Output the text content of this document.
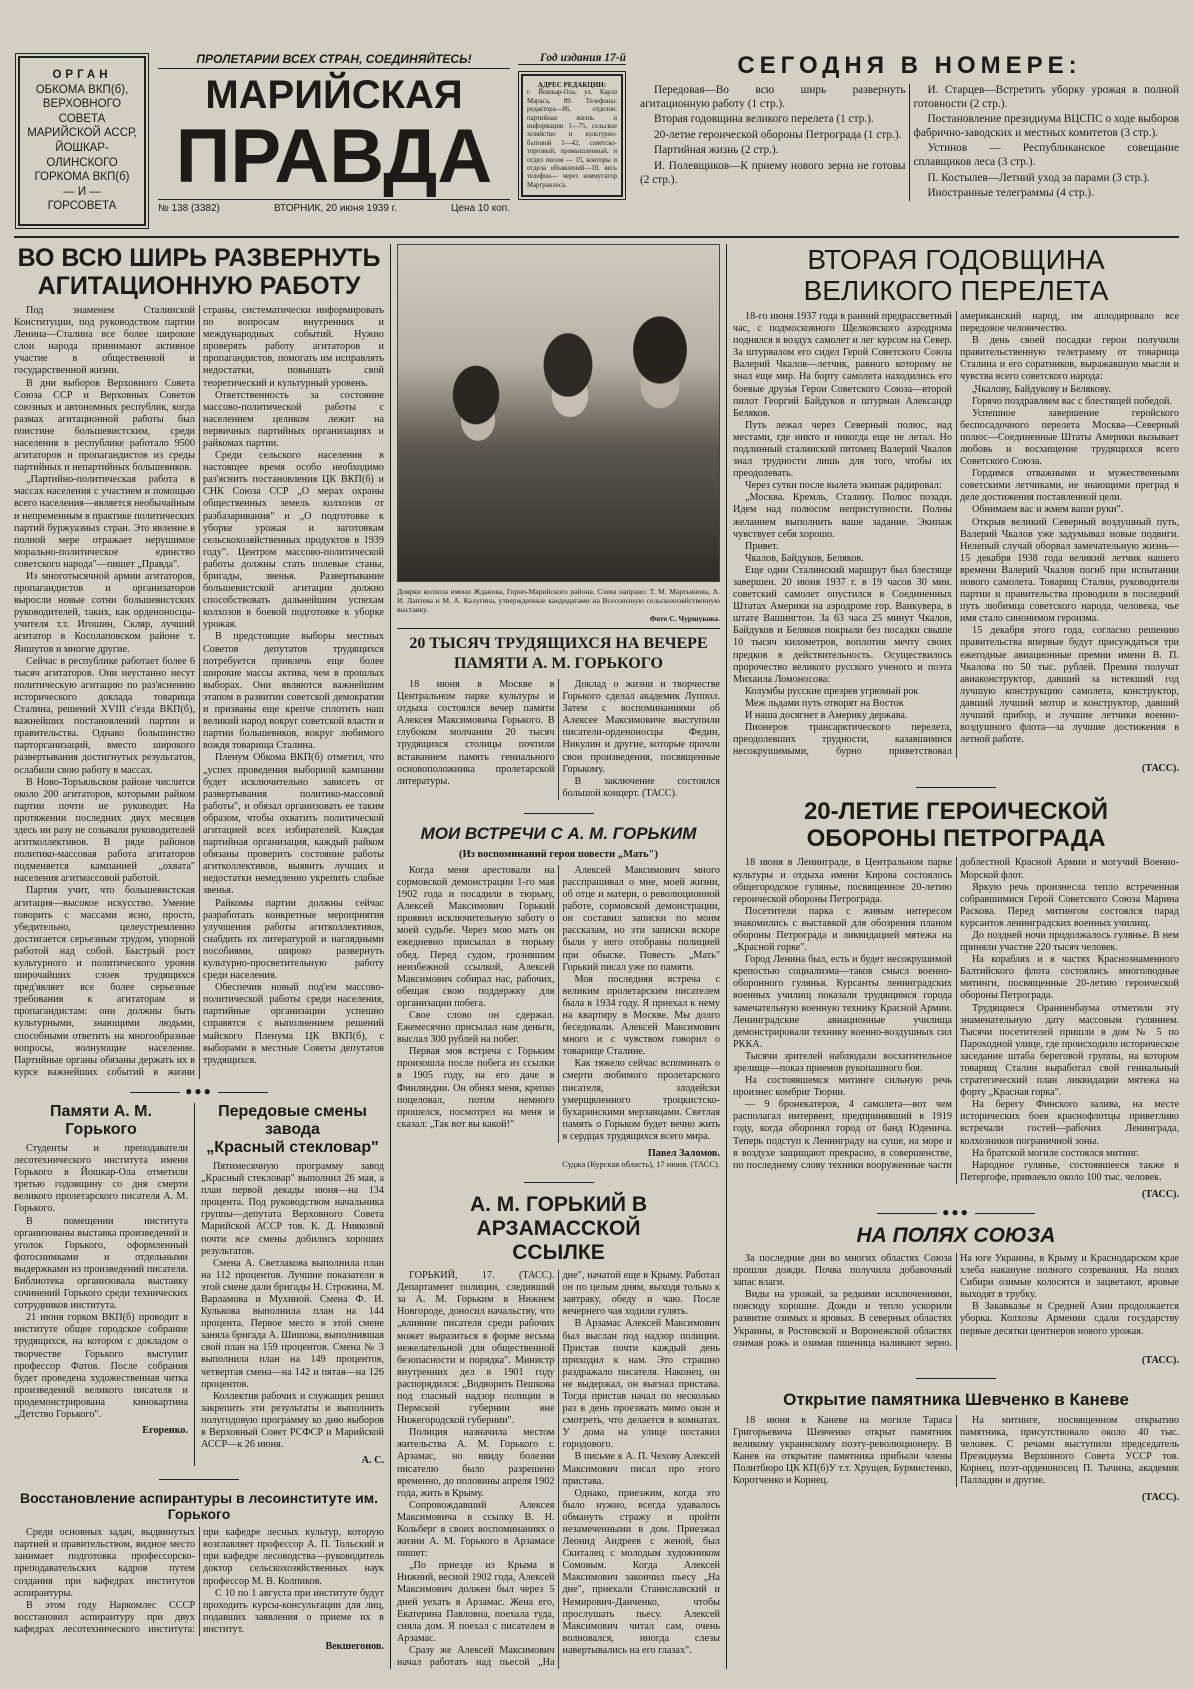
ОРГАН
ОБКОМА ВКП(б),
ВЕРХОВНОГО
СОВЕТА
МАРИЙСКОЙ АССР,
ЙОШКАР-ОЛИНСКОГО
ГОРКОМА ВКП(б)
— И —
ГОРСОВЕТА
ПРОЛЕТАРИИ ВСЕХ СТРАН, СОЕДИНЯЙТЕСЬ!
МАРИЙСКАЯ
ПРАВДА
№ 138 (3382)	ВТОРНИК, 20 июня 1939 г.	Цена 10 коп.
Год издания 17-й
АДРЕС РЕДАКЦИИ:
г. Йошкар-Ола, ул. Карла Маркса, 89. Телефоны: редактора—86, отделов: партийная жизнь и информации 1—75, сельское хозяйство и культурно-бытовой 1—42, советско-торговый, промышленный, и отдел писем — 15, конторы и отдела объявлений—10, весь телефон— через коммутатор Маргранлеса.
СЕГОДНЯ В НОМЕРЕ:

Передовая—Во всю ширь развернуть агитационную работу (1 стр.).

Вторая годовщина великого перелета (1 стр.).

20-летие героической обороны Петрограда (1 стр.).

Партийная жизнь (2 стр.).

И. Полевщиков—К приему нового зерна не готовы (2 стр.).

И. Старцев—Встретить уборку урожая в полной готовности (2 стр.).

Постановление президиума ВЦСПС о ходе выборов фабрично-заводских и местных комитетов (3 стр.).

Устинов — Республиканское совещание сплавщиков леса (3 стр.).

П. Костылев—Летний уход за парами (3 стр.).

Иностранные телеграммы (4 стр.).

ВО ВСЮ ШИРЬ РАЗВЕРНУТЬ
АГИТАЦИОННУЮ РАБОТУ

Под знаменем Сталинской Конституции, под руководством партии Ленина—Сталина все более широкие слои народа принимают активное участие в общественной и государственной жизни.

В дни выборов Верховного Совета Союза ССР и Верховных Советов союзных и автономных республик, когда размах агитационной работы был поистине большевистским, среди населения в республике работало 9500 агитаторов и пропагандистов из среды партийных и непартийных большевиков.

„Партийно-политическая работа в массах населения с участием и помощью всего населения—является необычайным и непременным в практике политических партий буржуазных стран. Это явление в полной мере отражает нерушимое морально-политическое единство советского народа"—пишет „Правда".

Из многотысячной армии агитаторов, пропагандистов и организаторов выросли новые сотни большевистских руководителей, таких, как орденоносцы-учителя т.т. Игошин, Скляр, лучший агитатор в Косолаповском районе т. Яншутов и многие другие.

Сейчас в республике работает более 6 тысяч агитаторов. Они неустанно несут политическую агитацию по раз'яснению исторического доклада товарища Сталина, решений XVIII с'езда ВКП(б), важнейших постановлений партии и правительства. Однако большинство парторганизаций, вместо широкого развертывания достигнутых результатов, ослабили свою работу в массах.

В Ново-Торъяльском районе числится около 200 агитаторов, которыми райком партии почти не руководит. На протяжении последних двух месяцев здесь ни разу не созывали руководителей агитколлективов. В ряде районов политико-массовая работа агитаторов подменяется кампанией „охвата" населения агитмассовой работой.

Партия учит, что большевистская агитация—высокое искусство. Умение говорить с массами ясно, просто, убедительно, целеустремленно достигается серьезным трудом, упорной работой над собой. Быстрый рост культурного и политического уровня широчайших слоев трудящихся пред'являет все более серьезные требования к агитаторам и пропагандистам: они должны быть культурными, знающими людьми, способными ответить на многообразные вопросы, волнующие население. Партийные органы обязаны держать их в курсе важнейших событий в жизни страны, систематически информировать по вопросам внутренних и международных событий. Нужно проверять работу агитаторов и пропагандистов, помогать им исправлять недостатки, повышать свой теоретический и культурный уровень.

Ответственность за состояние массово-политической работы с населением целиком лежит на первичных партийных организациях и райкомах партии.

Среди сельского населения в настоящее время особо необходимо раз'яснить постановления ЦК ВКП(б) и СНК Союза ССР „О мерах охраны общественных земель колхозов от разбазаривания" и „О подготовке к уборке урожая и заготовкам сельскохозяйственных продуктов в 1939 году". Центром массово-политической работы должны стать полевые станы, бригады, звенья. Развертывание большевистской агитации должно способствовать дальнейшим успехам колхозов в боевой подготовке к уборке урожая.

В предстоящие выборы местных Советов депутатов трудящихся потребуется привлечь еще более широкие массы актива, чем в прошлых выборах. Они являются важнейшим этапом в развитии советской демократии и призваны еще крепче сплотить наш великий народ вокруг советской власти и партии большевиков, вокруг любимого вождя товарища Сталина.

Пленум Обкома ВКП(б) отметил, что „успех проведения выборной кампании будет исключительно зависеть от развертывания политико-массовой работы", и обязал организовать ее таким образом, чтобы охватить политической агитацией всех избирателей. Каждая партийная организация, каждый райком обязаны проверить состояние работы агитколлективов, выявить лучших и недостатки немедленно укрепить слабые звенья.

Райкомы партии должны сейчас разработать конкретные мероприятия улучшения работы агитколлективов, снабдить их литературой и наглядными пособиями, широко развернуть культурно-просветительную работу среди населения.

Обеспечив новый под'ем массово-политической работы среди населения, партийные организации успешно справятся с выполнением решений майского Пленума ЦК ВКП(б), с выборами в местные Советы депутатов трудящихся.

●●●
Памяти А. М. Горького

Студенты и преподаватели лесотехнического института имени Горького в Йошкар-Ола отметили третью годовщину со дня смерти великого пролетарского писателя А. М. Горького.

В помещении института организованы выставка произведений и уголок Горького, оформленный фотоснимками и отдельными выдержками из произведений писателя. Библиотека организовала выставку сочинений Горького среди технических сотрудников института.

21 июня горком ВКП(б) проводит в институте общее городское собрание трудящихся, на котором с докладом о творчестве Горького выступит профессор Фатов. После собрания будет проведена художественная читка произведений великого писателя и продемонстрирована кинокартина „Детство Горького".

Егоренко.
Передовые смены завода
„Красный стекловар"

Пятимесячную программу завод „Красный стекловар" выполнил 26 мая, а план первой декады июня—на 134 процента. Под руководством начальника группы—депутата Верховного Совета Марийской АССР тов. К. Д. Нияковой почти все смены добились хороших результатов.

Смена А. Светлакова выполнила план на 112 процентов. Лучшие показатели в этой смене дали бригады Н. Строкина, М. Варламова и Мухиной. Смена Ф. И. Кулькова выполнила план на 144 процента. Первое место в этой смене заняла бригада А. Шишова, выполнившая свой план на 159 процентов. Смена № 3 выполнила план на 149 процентов, четвертая смена—на 142 и пятая—на 126 процентов.

Коллектив рабочих и служащих решил закрепить эти результаты и выполнить полугодовую программу ко дню выборов в Верховный Совет РСФСР и Марийской АССР—к 26 июня.

А. С.
Восстановление аспирантуры в лесоинституте им. Горького

Среди основных задач, выдвинутых партией и правительством, видное место занимает подготовка профессорско-преподавательских кадров путем создания при кафедрах институтов аспирантуры.

В этом году Наркомлес СССР восстановил аспирантуру при двух кафедрах лесотехнического института: при кафедре лесных культур, которую возглавляет профессор А. П. Тольский и при кафедре лесоводства—руководитель доктор сельскохозяйственных наук профессор М. В. Колпиков.

С 10 по 1 августа при институте будут проходить курсы-консультации для лиц, подавших заявления о приеме их в институт.

Векшегонов.
Доярки колхоза имени Жданова, Горно-Марийского района. Слева направо: Т. М. Мартьянова, А. И. Лаптева и М. А. Калугина, утвержденные кандидатами на Всесоюзную сельскохозяйственную выставку.
Фото С. Чуршукова.
20 ТЫСЯЧ ТРУДЯЩИХСЯ НА ВЕЧЕРЕ
ПАМЯТИ А. М. ГОРЬКОГО

18 июня в Москве в Центральном парке культуры и отдыха состоялся вечер памяти Алексея Максимовича Горького. В глубоком молчании 20 тысяч трудящихся столицы почтили вставанием память гениального основоположника пролетарской литературы.

Доклад о жизни и творчестве Горького сделал академик Луппол. Затем с воспоминаниями об Алексее Максимовиче выступили писатели-орденоносцы Федин, Никулин и другие, которые прочли свои произведения, посвященные Горькому.

В заключение состоялся большой концерт. (ТАСС).

МОИ ВСТРЕЧИ С А. М. ГОРЬКИМ
(Из воспоминаний героя повести „Мать")

Когда меня арестовали на сормовской демонстрации 1-го мая 1902 года и посадили в тюрьму, Алексей Максимович Горький проявил исключительную заботу о моей судьбе. Через мою мать он ежедневно присылал в тюрьму обед. Перед судом, грозившим неизбежной ссылкой, Алексей Максимович собирал нас, рабочих, обещая свою поддержку для организации побега.

Свое слово он сдержал. Ежемесячно присылал нам деньги, выслал 300 рублей на побег.

Первая моя встреча с Горьким произошла после побега из ссылки в 1905 году, на его даче в Финляндии. Он обнял меня, крепко поцеловал, потом немного прошелся, посмотрел на меня и сказал: „Так вот вы какой!"

Алексей Максимович много расспрашивал о мне, моей жизни, об отце и матери, о революционной работе, сормовской демонстрации, он составил записки по моим рассказам, но эти записки вскоре были у него отобраны полицией при обыске. Повесть „Мать" Горький писал уже по памяти.

Моя последняя встреча с великим пролетарским писателем была в 1934 году. Я приехал к нему на квартиру в Москве. Мы долго беседовали. Алексей Максимович много и с чувством говорил о товарище Сталине.

Как тяжело сейчас вспоминать о смерти любимого пролетарского писателя, злодейски умерщвленного троцкистско-бухаринскими мерзавцами. Светлая память о Горьком будет вечно жить в сердцах трудящихся всего мира.

Павел Заломов.
Суджа (Курская область), 17 июня. (ТАСС).
А. М. ГОРЬКИЙ В АРЗАМАССКОЙ
ССЫЛКЕ

ГОРЬКИЙ, 17. (ТАСС). Департамент полиции, следивший за А. М. Горьким в Нижнем Новгороде, доносил начальству, что „влияние писателя среди рабочих может выразиться в форме весьма нежелательной для общественной безопасности и порядка". Министр внутренних дел в 1901 году распорядился: „Водворить Пешкова под гласный надзор полиции в Пермской губернии вне Нижегородской губернии".

Полиция назначила местом жительства А. М. Горького г. Арзамас, но ввиду болезни писателю было разрешено временно, до половины апреля 1902 года, жить в Крыму.

Сопровождавший Алексея Максимовича в ссылку В. Н. Кольберг в своих воспоминаниях о жизни А. М. Горького в Арзамасе пишет:

„По приезде из Крыма в Нижний, весной 1902 года, Алексей Максимович должен был через 5 дней уехать в Арзамас. Жена его, Екатерина Павловна, поехала туда, сняла дом. Я поехал с писателем в Арзамас.

Сразу же Алексей Максимович начал работать над пьесой „На дне", начатой еще в Крыму. Работал он по целым дням, выходя только к завтраку, обеду и чаю. После вечернего чая ходили гулять.

В Арзамас Алексей Максимович был выслан под надзор полиции. Пристав почти каждый день приходил к нам. Это страшно раздражало писателя. Наконец, он не выдержал, он выгнал пристава. Тогда пристав начал по несколько раз в день проезжать мимо окон и смотреть, что делается в комнатах. У дома на улице поставил городового.

В письме к А. П. Чехову Алексей Максимович писал про этого пристава.

Однако, приезжим, когда это было нужно, всегда удавалось обмануть стражу и пройти незамеченными в дом. Приезжал Леонид Андреев с женой, был Скиталец с молодым художником Сомовым. Когда Алексей Максимович закончил пьесу „На дне", приехали Станиславский и Немирович-Данченко, чтобы прослушать пьесу. Алексей Максимович читал сам, очень волновался, иногда слезы навертывались на его глазах".

ВТОРАЯ ГОДОВЩИНА
ВЕЛИКОГО ПЕРЕЛЕТА

18-го июня 1937 года в ранний предрассветный час, с подмосковного Щелковского аэродрома поднялся в воздух самолет и лег курсом на Север. За штурвалом его сидел Герой Советского Союза Валерий Чкалов—летчик, равного которому не знал еще мир. На борту самолета находились его боевые друзья Герои Советского Союза—второй пилот Георгий Байдуков и штурман Александр Беляков.

Путь лежал через Северный полюс, над местами, где никто и никогда еще не летал. Но подлинный сталинский питомец Валерий Чкалов знал трудности лишь для того, чтобы их преодолевать.

Через сутки после вылета экипаж радировал:

„Москва. Кремль, Сталину. Полюс позади. Идем над полюсом неприступности. Полны желанием выполнить ваше задание. Экипаж чувствует себя хорошо.

Привет.

Чкалов, Байдуков, Беляков.

Еще один Сталинский маршрут был блестяще завершен. 20 июня 1937 г. в 19 часов 30 мин. советский самолет опустился в Соединенных Штатах Америки на аэродроме гор. Ванкувера, в штате Вашингтон. За 63 часа 25 минут Чкалов, Байдуков и Беляков покрыли без посадки свыше 10 тысяч километров, воплотив мечту своих предков в действительность. Осуществилось пророчество великого русского ученого и поэта Михаила Ломоносова:

Колумбы русские презрев угрюмый рок

Меж льдами путь отворят на Восток

И наша досягнет в Америку держава.

Пионеров трансарктического перелета, преодолевших трудности, казавшимися несокрушимыми, бурно приветствовал американский народ, им аплодировало все передовое человечество.

В день своей посадки герои получили правительственную телеграмму от товарища Сталина и его соратников, выражавшую мысли и чувства всего советского народа:

„Чкалову, Байдукову и Белякову.

Горячо поздравляем вас с блестящей победой.

Успешное завершение геройского беспосадочного перелета Москва—Северный полюс—Соединенные Штаты Америки вызывает любовь и восхищение трудящихся всего Советского Союза.

Гордимся отважными и мужественными советскими летчиками, не знающими преград в деле достижения поставленной цели.

Обнимаем вас и жмем ваши руки".

Открыв великий Северный воздушный путь, Валерий Чкалов уже задумывал новые подвиги. Нелепый случай оборвал замечательную жизнь—15 декабря 1938 года великий летчик нашего времени Валерий Чкалов погиб при испытании нового самолета. Товарищ Сталин, руководители партии и правительства проводили в последний путь любимца советского народа, человека, чье имя стало синонимом героизма.

15 декабря этого года, согласно решению правительства впервые будут присуждаться три ежегодные авиационные премии имени В. П. Чкалова по 50 тыс. рублей. Премии получат авиаконструктор, давший за истекший год лучшую конструкцию самолета, конструктор, давший лучший мотор и конструктор, давший лучший прибор, и лучшие летчики военно-воздушного флота—за лучшие достижения в летной работе.

(ТАСС).
20-ЛЕТИЕ ГЕРОИЧЕСКОЙ
ОБОРОНЫ ПЕТРОГРАДА

18 июня в Ленинграде, в Центральном парке культуры и отдыха имени Кирова состоялось общегородское гулянье, посвященное 20-летию героической обороны Петрограда.

Посетители парка с живым интересом знакомились с выставкой для обозрения планом обороны Петрограда и ликвидацией мятежа на „Красной горке".

Город Ленина был, есть и будет несокрушимой крепостью социализма—таков смысл военно-оборонного гулянья. Курсанты ленинградских военных училищ показали трудящимся города замечательную военную технику Красной Армии. Ленинградские авиационные училища демонстрировали технику военно-воздушных сил РККА.

Тысячи зрителей наблюдали восхитительное зрелище—показ приемов рукопашного боя.

На состоявшемся митинге сильную речь произнес комбриг Тюрин.

— 9 бронекатеров, 4 самолета—вот чем располагал интервент, предпринявший в 1919 году, когда оборонял город от банд Юденича. Теперь подступ к Ленинграду на суше, на море и в воздухе защищают прекрасно, в совершенстве, по последнему слову техники вооруженные части доблестной Красной Армии и могучий Военно-Морской флот.

Яркую речь произнесла тепло встреченная собравшимися Герой Советского Союза Марина Раскова. Перед митингом состоялся парад курсантов ленинградских военных училищ.

До поздней ночи продолжалось гулянье. В нем приняли участие 220 тысяч человек.

На кораблях и в частях Краснознаменного Балтийского флота состоялись многолюдные митинги, посвященные 20-летию героической обороны Петрограда.

Трудящиеся Ораниенбаума отметили эту знаменательную дату массовым гулянием. Тысячи посетителей пришли в дом № 5 по Пароходной улице, где происходило историческое заседание штаба береговой группы, на котором товарищ Сталин выработал свой гениальный стратегический план ликвидации мятежа на форту „Красная горка".

На берегу Финского залива, на месте исторических боев краснофлотцы приветливо встречали гостей—рабочих Ленинграда, колхозников пограничной зоны.

На братской могиле состоялся митинг.

Народное гулянье, состоявшееся также в Петергофе, привлекло около 100 тыс. человек.

(ТАСС).
●●●
НА ПОЛЯХ СОЮЗА

За последние дни во многих областях Союза прошли дожди. Почва получила добавочный запас влаги.

Виды на урожай, за редкими исключениями, повсюду хорошие. Дожди и тепло ускорили развитие озимых и яровых. В северных областях Украины, в Ростовской и Воронежской областях озимая рожь и озимая пшеница наливают зерно. На юге Украины, в Крыму и Краснодарском крае хлеба накануне полного созревания. На полях Сибири озимые колосятся и зацветают, яровые выходят в трубку.

В Закавказье и Средней Азии продолжается уборка. Колхозы Армении сдали государству первые десятки центнеров нового урожая.

(ТАСС).
Открытие памятника Шевченко в Каневе

18 июня в Каневе на могиле Тараса Григорьевича Шевченко открыт памятник великому украинскому поэту-революционеру. В Канев на открытие памятника прибыли члены Политбюро ЦК КП(б)У т.т. Хрущев, Бурмистенко, Коротченко и Корнец.

На митинге, посвященном открытию памятника, присутствовало около 40 тыс. человек. С речами выступили председатель Президиума Верховного Совета УССР тов. Корнец, поэт-орденоносец П. Тычина, академик Палладин и другие.

(ТАСС).
